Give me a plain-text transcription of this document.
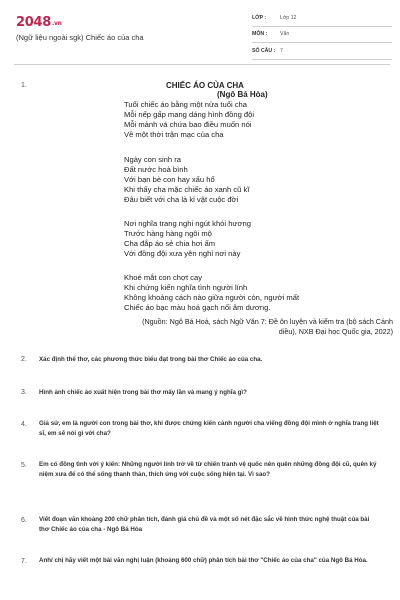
2048.vn
(Ngữ liệu ngoài sgk) Chiếc áo của cha
LỚP :	Lớp 12
MÔN :	Văn
SỐ CÂU : 7
1.	CHIẾC ÁO CỦA CHA
(Ngô Bá Hòa)
Tuổi chiếc áo bằng một nửa tuổi cha
Mỗi nếp gấp mang dáng hình đồng đội
Mỗi mảnh vá chứa bao điều muốn nói
Về một thời trận mạc của cha
Ngày con sinh ra
Đất nước hoà bình
Với bạn bè con hay xấu hổ
Khi thấy cha mặc chiếc áo xanh cũ kĩ
Đâu biết với cha là kỉ vật cuộc đời
Nơi nghĩa trang nghi ngút khói hương
Trước hàng hàng ngôi mộ
Cha đắp áo sẻ chia hơi ấm
Với đồng đội xưa yên nghỉ nơi này
Khoé mắt con chợt cay
Khi chứng kiến nghĩa tình người lính
Không khoảng cách nào giữa người còn, người mất
Chiếc áo bạc màu hoá gạch nối âm dương.
(Nguồn: Ngô Bá Hoà, sách Ngữ Văn 7: Đề ôn luyện và kiểm tra (bộ sách Cánh
diều), NXB Đại học Quốc gia, 2022)
2. Xác định thể thơ, các phương thức biểu đạt trong bài thơ Chiếc áo của cha.
3. Hình ảnh chiếc áo xuất hiện trong bài thơ mấy lần và mang ý nghĩa gì?
4. Giả sử, em là người con trong bài thơ, khi được chứng kiến cảnh người cha viếng đồng đội mình ở nghĩa trang liệt sĩ, em sẽ nói gì với cha?
5. Em có đồng tình với ý kiến: Những người lính trở về từ chiến tranh vệ quốc nên quên những đồng đội cũ, quên ký niệm xưa để có thể sống thanh thản, thích ứng với cuộc sống hiện tại. Vì sao?
6. Viết đoạn văn khoảng 200 chữ phân tích, đánh giá chủ đề và một số nét đặc sắc về hình thức nghệ thuật của bài thơ Chiếc áo của cha - Ngô Bá Hòa
7. Anh/ chị hãy viết một bài văn nghị luận (khoảng 600 chữ) phân tích bài thơ "Chiếc áo của cha" của Ngô Bá Hòa.
